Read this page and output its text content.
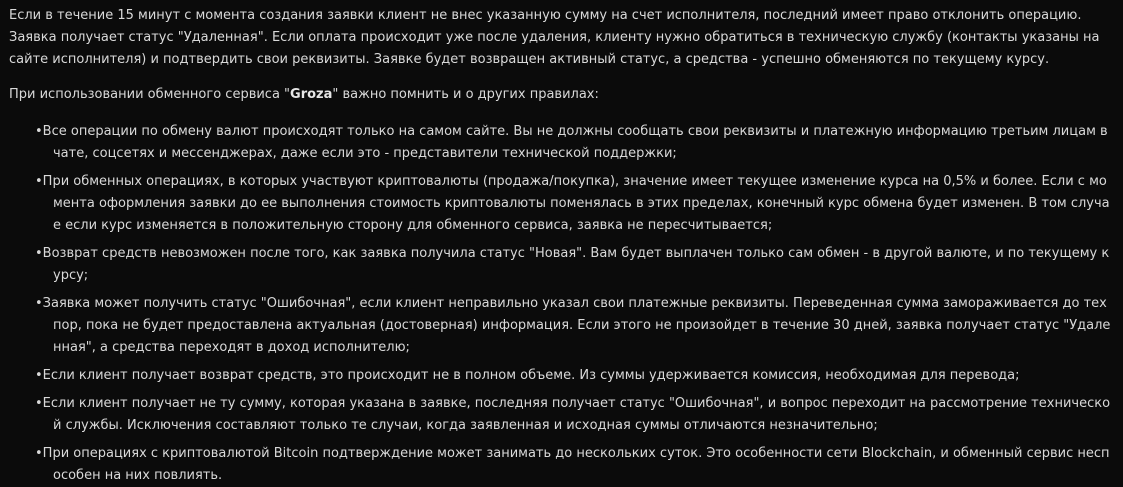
Если в течение 15 минут с момента создания заявки клиент не внес указанную сумму на счет исполнителя, последний имеет право отклонить операцию. Заявка получает статус "Удаленная". Если оплата происходит уже после удаления, клиенту нужно обратиться в техническую службу (контакты указаны на сайте исполнителя) и подтвердить свои реквизиты. Заявке будет возвращен активный статус, а средства - успешно обменяются по текущему курсу.

При использовании обменного сервиса "Groza" важно помнить и о других правилах:

•Все операции по обмену валют происходят только на самом сайте. Вы не должны сообщать свои реквизиты и платежную информацию третьим лицам в чате, соцсетях и мессенджерах, даже если это - представители технической поддержки;
•При обменных операциях, в которых участвуют криптовалюты (продажа/покупка), значение имеет текущее изменение курса на 0,5% и более. Если с момента оформления заявки до ее выполнения стоимость криптовалюты поменялась в этих пределах, конечный курс обмена будет изменен. В том случае если курс изменяется в положительную сторону для обменного сервиса, заявка не пересчитывается;
•Возврат средств невозможен после того, как заявка получила статус "Новая". Вам будет выплачен только сам обмен - в другой валюте, и по текущему курсу;
•Заявка может получить статус "Ошибочная", если клиент неправильно указал свои платежные реквизиты. Переведенная сумма замораживается до тех пор, пока не будет предоставлена актуальная (достоверная) информация. Если этого не произойдет в течение 30 дней, заявка получает статус "Удаленная", а средства переходят в доход исполнителю;
•Если клиент получает возврат средств, это происходит не в полном объеме. Из суммы удерживается комиссия, необходимая для перевода;
•Если клиент получает не ту сумму, которая указана в заявке, последняя получает статус "Ошибочная", и вопрос переходит на рассмотрение технической службы. Исключения составляют только те случаи, когда заявленная и исходная суммы отличаются незначительно;
•При операциях с криптовалютой Bitcoin подтверждение может занимать до нескольких суток. Это особенности сети Blockchain, и обменный сервис неспособен на них повлиять.
